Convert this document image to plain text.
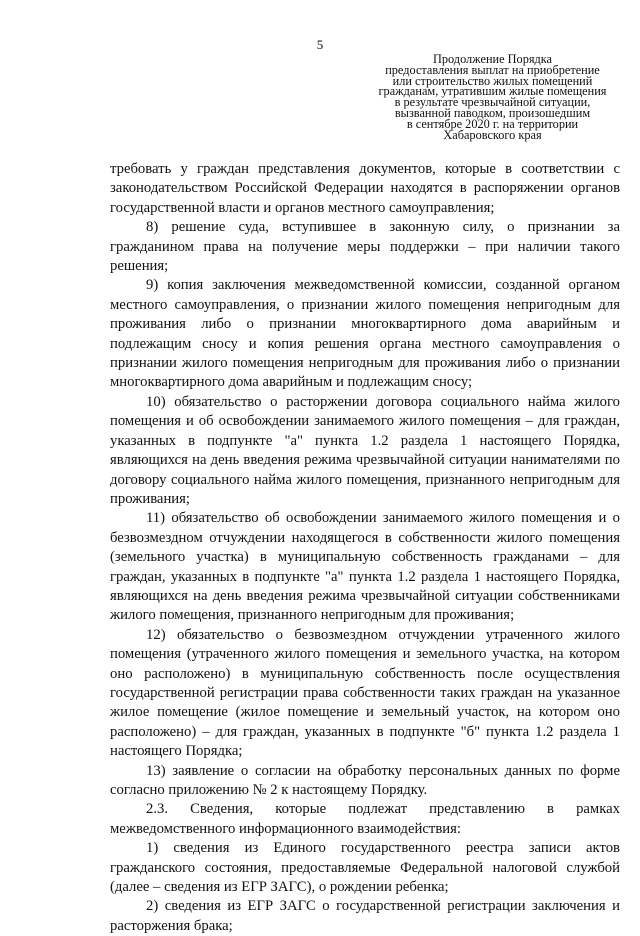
5
Продолжение Порядка
предоставления выплат на приобретение
или строительство жилых помещений
гражданам, утратившим жилые помещения
в результате чрезвычайной ситуации,
вызванной паводком, произошедшим
в сентябре 2020 г. на территории
Хабаровского края

требовать у граждан представления документов, которые в соответствии с законодательством Российской Федерации находятся в распоряжении органов государственной власти и органов местного самоуправления;

8) решение суда, вступившее в законную силу, о признании за гражданином права на получение меры поддержки – при наличии такого решения;

9) копия заключения межведомственной комиссии, созданной органом местного самоуправления, о признании жилого помещения непригодным для проживания либо о признании многоквартирного дома аварийным и подлежащим сносу и копия решения органа местного самоуправления о признании жилого помещения непригодным для проживания либо о признании многоквартирного дома аварийным и подлежащим сносу;

10) обязательство о расторжении договора социального найма жилого помещения и об освобождении занимаемого жилого помещения – для граждан, указанных в подпункте "а" пункта 1.2 раздела 1 настоящего Порядка, являющихся на день введения режима чрезвычайной ситуации нанимателями по договору социального найма жилого помещения, признанного непригодным для проживания;

11) обязательство об освобождении занимаемого жилого помещения и о безвозмездном отчуждении находящегося в собственности жилого помещения (земельного участка) в муниципальную собственность гражданами – для граждан, указанных в подпункте "а" пункта 1.2 раздела 1 настоящего Порядка, являющихся на день введения режима чрезвычайной ситуации собственниками жилого помещения, признанного непригодным для проживания;

12) обязательство о безвозмездном отчуждении утраченного жилого помещения (утраченного жилого помещения и земельного участка, на котором оно расположено) в муниципальную собственность после осуществления государственной регистрации права собственности таких граждан на указанное жилое помещение (жилое помещение и земельный участок, на котором оно расположено) – для граждан, указанных в подпункте "б" пункта 1.2 раздела 1 настоящего Порядка;

13) заявление о согласии на обработку персональных данных по форме согласно приложению № 2 к настоящему Порядку.

2.3. Сведения, которые подлежат представлению в рамках межведомственного информационного взаимодействия:

1) сведения из Единого государственного реестра записи актов гражданского состояния, предоставляемые Федеральной налоговой службой (далее – сведения из ЕГР ЗАГС), о рождении ребенка;

2) сведения из ЕГР ЗАГС о государственной регистрации заключения и расторжения брака;
